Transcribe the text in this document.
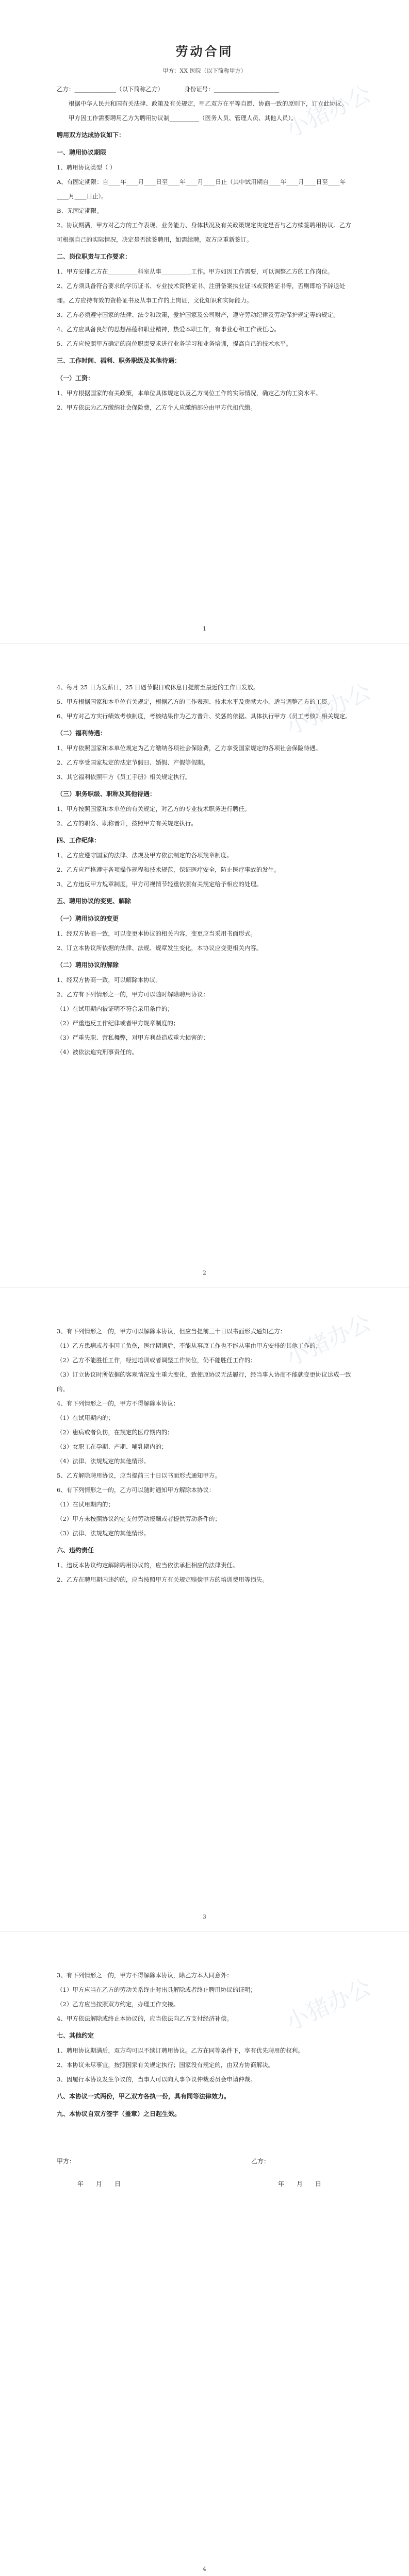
劳动合同
甲方：XX 医院（以下简称甲方）

乙方：______________（以下简称乙方）　　　　身份证号：______________________

　　根据中华人民共和国有关法律、政策及有关规定，甲乙双方在平等自愿、协商一致的原则下，订立此协议。

　　甲方因工作需要聘用乙方为聘用协议制__________（医务人员、管理人员、其他人员）。

聘用双方达成协议如下：

一、聘用协议期限

1、聘用协议类型（ ）

A、有固定期限：自____年____月____日至____年____月____日止（其中试用期自____年____月____日至____年____月____日止）。

B、无固定期限。

2、协议期满，甲方对乙方的工作表现、业务能力、身体状况及有关政策规定决定是否与乙方续签聘用协议。乙方可根据自己的实际情况，决定是否续签聘用，如需续聘，双方应重新签订。

二、岗位职责与工作要求：

1、甲方安排乙方在__________科室从事__________工作。甲方如因工作需要，可以调整乙方的工作岗位。

2、乙方须具备符合要求的学历证书、专业技术资格证书、注册备案执业证书或资格证书等，否则即给予辞退处理。乙方应持有效的资格证书及从事工作的上岗证，文化知识和实际能力。

3、乙方必须遵守国家的法律、法令和政策，爱护国家及公司财产，遵守劳动纪律及劳动保护规定等的规定。

4、乙方应具备良好的思想品德和职业精神，热爱本职工作，有事业心和工作责任心。

5、乙方应按照甲方确定的岗位职责要求进行业务学习和业务培训，提高自己的技术水平。

三、工作时间、福利、职务职级及其他待遇：

（一）工资：

1、甲方根据国家的有关政策，本单位具体规定以及乙方岗位工作的实际情况，确定乙方的工资水平。

2、甲方依法为乙方缴纳社会保险费，乙方个人应缴纳部分由甲方代扣代缴。

1

4、每月 25 日为发薪日，25 日遇节假日或休息日提前至最近的工作日发放。

5、甲方根据国家和本单位有关规定，根据乙方的工作表现、技术水平及贡献大小，适当调整乙方的工资。

6、甲方对乙方实行绩效考核制度，考核结果作为乙方晋升、奖惩的依据。具体执行甲方《员工考核》相关规定。

（二）福利待遇：

1、甲方依照国家和本单位规定为乙方缴纳各项社会保险费，乙方享受国家规定的各项社会保险待遇。

2、乙方享受国家规定的法定节假日、婚假、产假等假期。

3、其它福利依照甲方《员工手册》相关规定执行。

（三）职务职级、职称及其他待遇：

1、甲方按照国家和本单位的有关规定，对乙方的专业技术职务进行聘任。

2、乙方的职务、职称晋升，按照甲方有关规定执行。

四、工作纪律：

1、乙方应遵守国家的法律、法规及甲方依法制定的各项规章制度。

2、乙方应严格遵守各项操作规程和技术规范，保证医疗安全，防止医疗事故的发生。

3、乙方违反甲方规章制度，甲方可视情节轻重依照有关规定给予相应的处理。

五、聘用协议的变更、解除

（一）聘用协议的变更

1、经双方协商一致，可以变更本协议的相关内容，变更应当采用书面形式。

2、订立本协议所依据的法律、法规、规章发生变化，本协议应变更相关内容。

（二）聘用协议的解除

1、经双方协商一致，可以解除本协议。

2、乙方有下列情形之一的，甲方可以随时解除聘用协议：

（1）在试用期内被证明不符合录用条件的；

（2）严重违反工作纪律或者甲方规章制度的；

（3）严重失职、营私舞弊，对甲方利益造成重大损害的；

（4）被依法追究刑事责任的。

2

3、有下列情形之一的，甲方可以解除本协议，但应当提前三十日以书面形式通知乙方：

（1）乙方患病或者非因工负伤，医疗期满后，不能从事原工作也不能从事由甲方安排的其他工作的；

（2）乙方不能胜任工作，经过培训或者调整工作岗位，仍不能胜任工作的；

（3）订立协议时所依据的客观情况发生重大变化，致使原协议无法履行，经当事人协商不能就变更协议达成一致的。

4、有下列情形之一的，甲方不得解除本协议：

（1）在试用期内的；

（2）患病或者负伤，在规定的医疗期内的；

（3）女职工在孕期、产期、哺乳期内的；

（4）法律、法规规定的其他情形。

5、乙方解除聘用协议，应当提前三十日以书面形式通知甲方。

6、有下列情形之一的，乙方可以随时通知甲方解除本协议：

（1）在试用期内的；

（2）甲方未按照协议约定支付劳动报酬或者提供劳动条件的；

（3）法律、法规规定的其他情形。

六、违约责任

1、违反本协议约定解除聘用协议的，应当依法承担相应的法律责任。

2、乙方在聘用期内违约的，应当按照甲方有关规定赔偿甲方的培训费用等损失。

3

3、有下列情形之一的，甲方不得解除本协议，除乙方本人同意外：

（1）甲方应当在乙方的劳动关系终止时出具解除或者终止聘用协议的证明；

（2）乙方应当按照双方约定，办理工作交接。

4、甲方依法解除或终止本协议的，应当依法向乙方支付经济补偿。

七、其他约定

1、聘用协议期满后，双方均可以不续订聘用协议。乙方在同等条件下，享有优先聘用的权利。

2、本协议未尽事宜，按照国家有关规定执行；国家没有规定的，由双方协商解决。

3、因履行本协议发生争议的，当事人可以向人事争议仲裁委员会申请仲裁。

八、本协议一式两份，甲乙双方各执一份，具有同等法律效力。

九、本协议自双方签字（盖章）之日起生效。

甲方：	乙方：
年　　月　　日	年　　月　　日
4
小猪办公
小猪办公
小猪办公
小猪办公
